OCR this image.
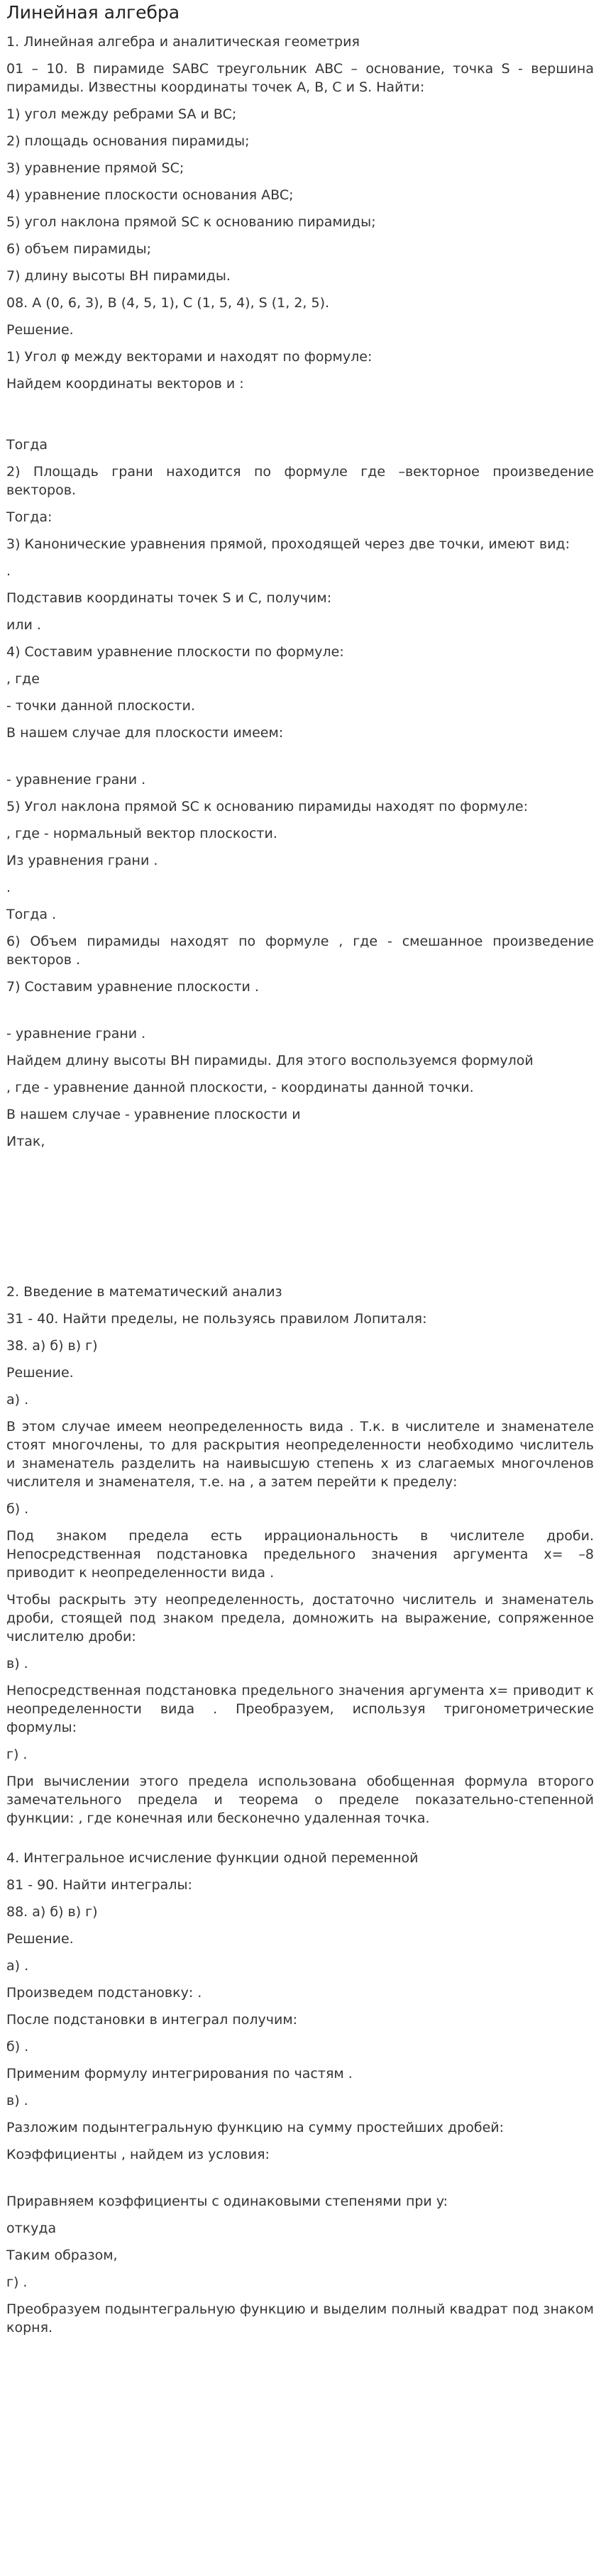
Линейная алгебра
1. Линейная алгебра и аналитическая геометрия
01 – 10. В пирамиде SABC треугольник ABC – основание, точка S - вершина пирамиды. Известны координаты точек A, B, C и S. Найти:
1) угол между ребрами SA и BC;
2) площадь основания пирамиды;
3) уравнение прямой SC;
4) уравнение плоскости основания ABC;
5) угол наклона прямой SC к основанию пирамиды;
6) объем пирамиды;
7) длину высоты BH пирамиды.
08. A (0, 6, 3), B (4, 5, 1), C (1, 5, 4), S (1, 2, 5).
Решение.
1) Угол φ между векторами и находят по формуле:
Найдем координаты векторов и :
Тогда
2) Площадь грани находится по формуле где –векторное произведение векторов.
Тогда:
3) Канонические уравнения прямой, проходящей через две точки, имеют вид:
.
Подставив координаты точек S и C, получим:
или .
4) Составим уравнение плоскости по формуле:
, где
- точки данной плоскости.
В нашем случае для плоскости имеем:
- уравнение грани .
5) Угол наклона прямой SC к основанию пирамиды находят по формуле:
, где - нормальный вектор плоскости.
Из уравнения грани .
.
Тогда .
6) Объем пирамиды находят по формуле , где - смешанное произведение векторов .
7) Составим уравнение плоскости .
- уравнение грани .
Найдем длину высоты BH пирамиды. Для этого воспользуемся формулой
, где - уравнение данной плоскости, - координаты данной точки.
В нашем случае - уравнение плоскости и
Итак,
2. Введение в математический анализ
31 - 40. Найти пределы, не пользуясь правилом Лопиталя:
38. а) б) в) г)
Решение.
а) .
В этом случае имеем неопределенность вида . Т.к. в числителе и знаменателе стоят многочлены, то для раскрытия неопределенности необходимо числитель и знаменатель разделить на наивысшую степень x из слагаемых многочленов числителя и знаменателя, т.е. на , а затем перейти к пределу:
б) .
Под знаком предела есть иррациональность в числителе дроби. Непосредственная подстановка предельного значения аргумента x= –8 приводит к неопределенности вида .
Чтобы раскрыть эту неопределенность, достаточно числитель и знаменатель дроби, стоящей под знаком предела, домножить на выражение, сопряженное числителю дроби:
в) .
Непосредственная подстановка предельного значения аргумента x= приводит к неопределенности вида . Преобразуем, используя тригонометрические формулы:
г) .
При вычислении этого предела использована обобщенная формула второго замечательного предела и теорема о пределе показательно-степенной функции: , где конечная или бесконечно удаленная точка.
4. Интегральное исчисление функции одной переменной
81 - 90. Найти интегралы:
88. а) б) в) г)
Решение.
а) .
Произведем подстановку: .
После подстановки в интеграл получим:
б) .
Применим формулу интегрирования по частям .
в) .
Разложим подынтегральную функцию на сумму простейших дробей:
Коэффициенты , найдем из условия:
Приравняем коэффициенты с одинаковыми степенями при y:
откуда
Таким образом,
г) .
Преобразуем подынтегральную функцию и выделим полный квадрат под знаком корня.
